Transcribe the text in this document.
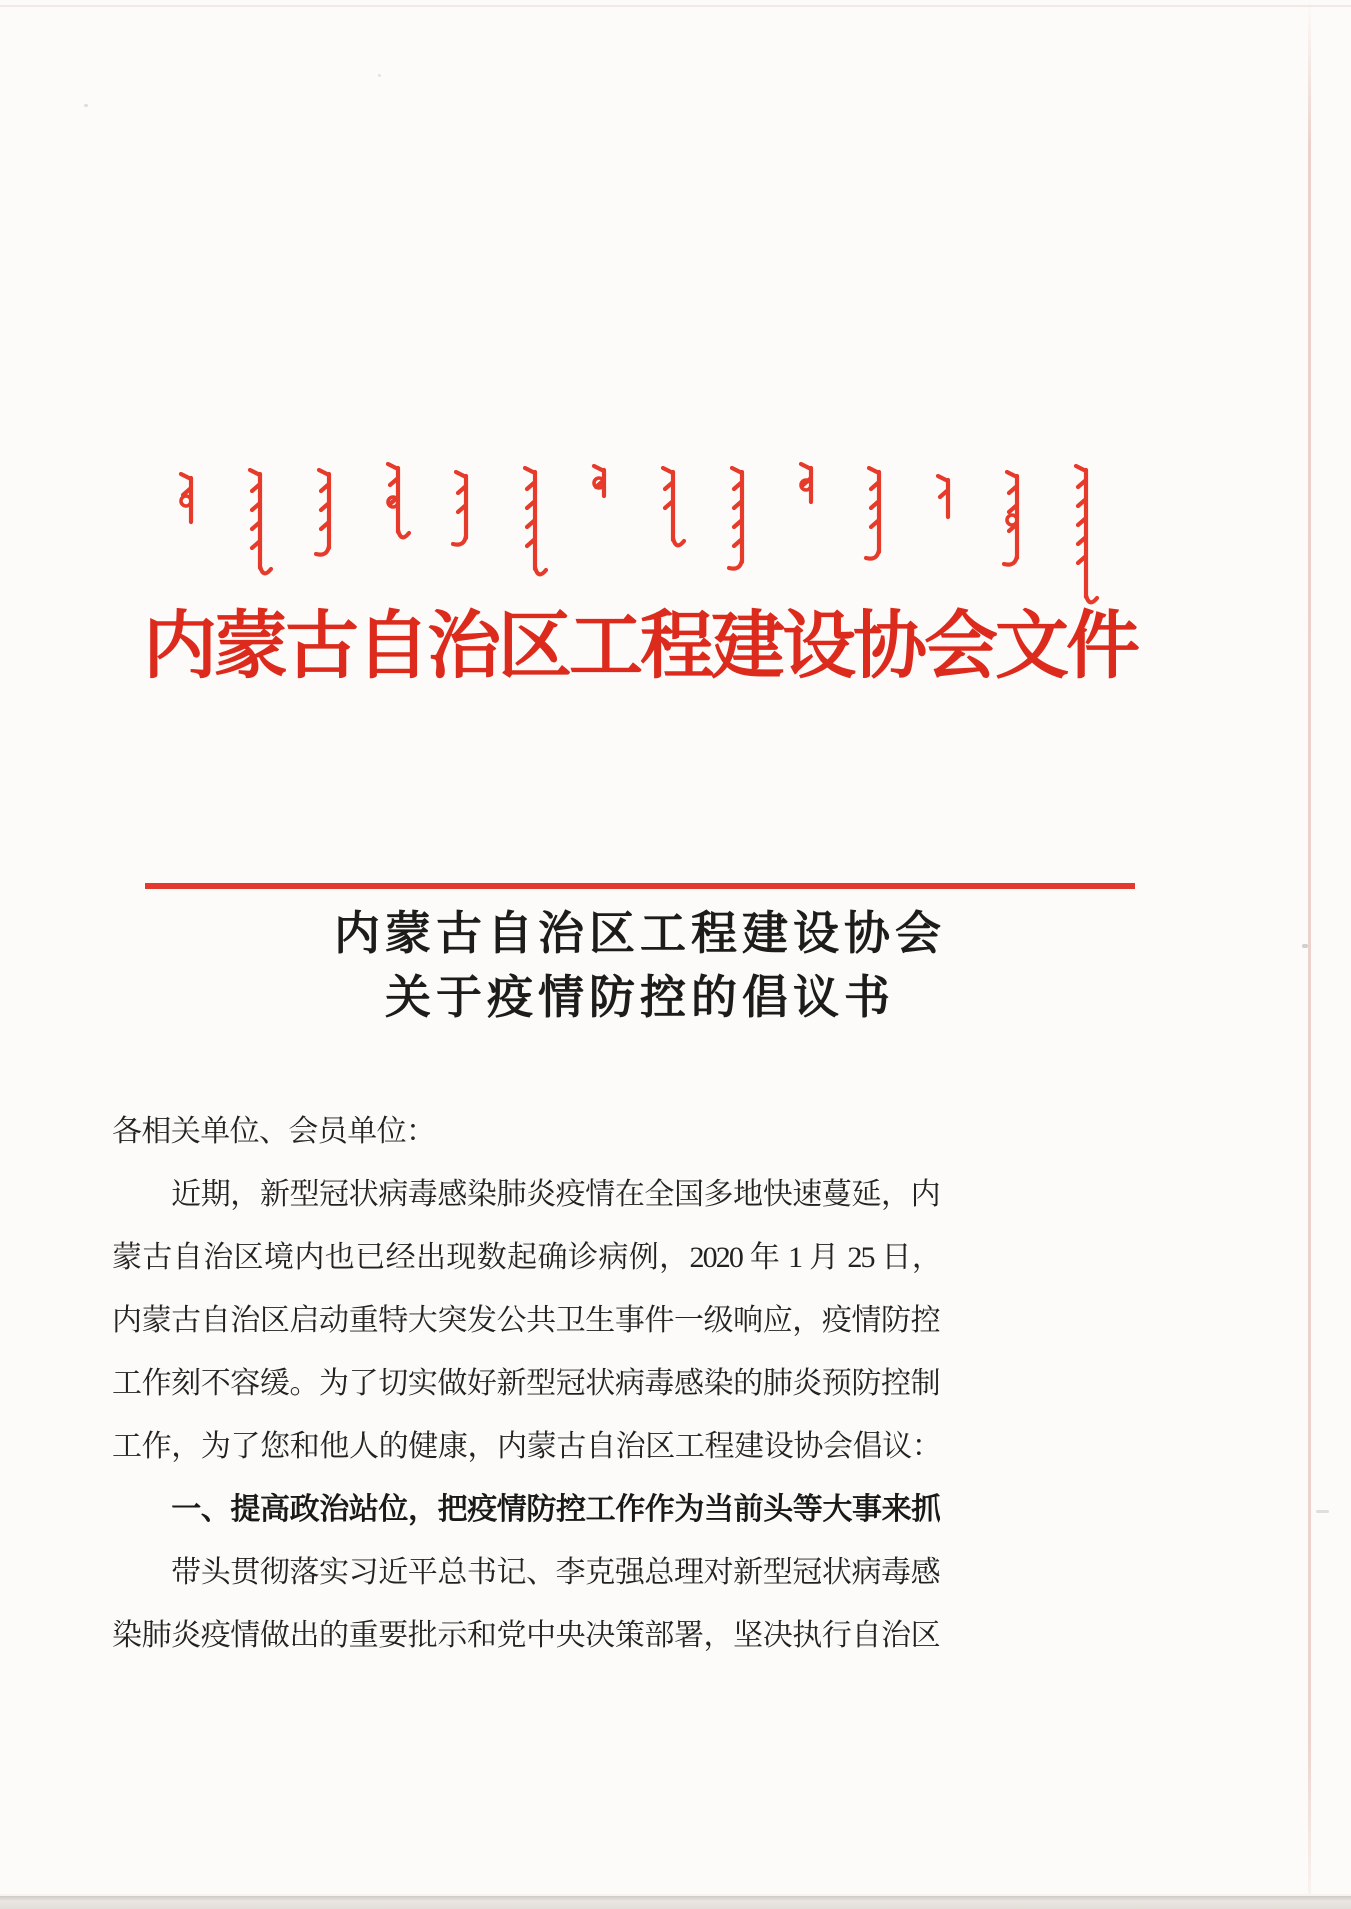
内蒙古自治区工程建设协会文件
内蒙古自治区工程建设协会
关于疫情防控的倡议书
各相关单位、会员单位：
　　近期，新型冠状病毒感染肺炎疫情在全国多地快速蔓延，内
蒙古自治区境内也已经出现数起确诊病例，2020 年 1 月 25 日，
内蒙古自治区启动重特大突发公共卫生事件一级响应，疫情防控
工作刻不容缓。为了切实做好新型冠状病毒感染的肺炎预防控制
工作，为了您和他人的健康，内蒙古自治区工程建设协会倡议：
　　一、提高政治站位，把疫情防控工作作为当前头等大事来抓
　　带头贯彻落实习近平总书记、李克强总理对新型冠状病毒感
染肺炎疫情做出的重要批示和党中央决策部署，坚决执行自治区
